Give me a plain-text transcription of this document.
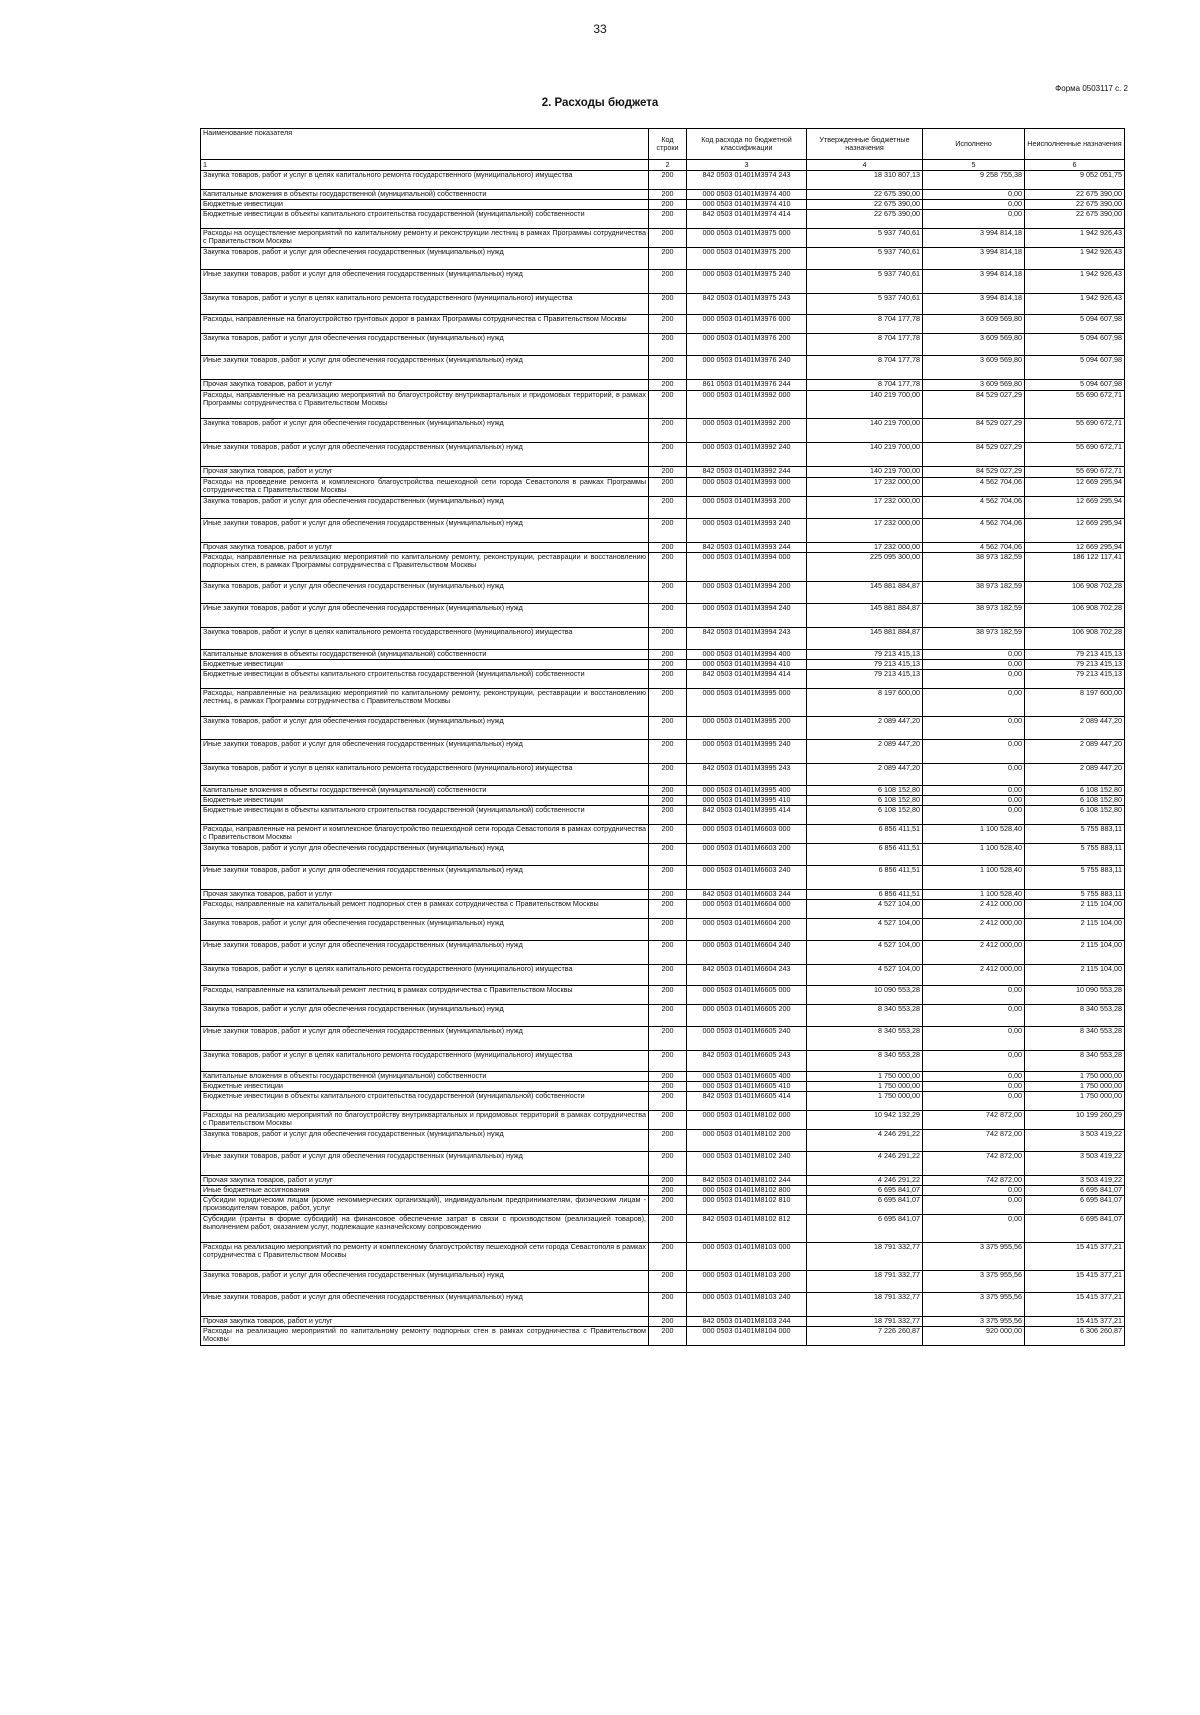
33
Форма 0503117 с. 2
2. Расходы бюджета
Наименование показателя	Код строки	Код расхода по бюджетной классификации	Утвержденные бюджетные назначения	Исполнено	Неисполненные назначения
1	2	3	4	5	6
Закупка товаров, работ и услуг в целях капитального ремонта государственного (муниципального) имущества	200	842 0503 01401M3974 243	18 310 807,13	9 258 755,38	9 052 051,75
Капитальные вложения в объекты государственной (муниципальной) собственности	200	000 0503 01401M3974 400	22 675 390,00	0,00	22 675 390,00
Бюджетные инвестиции	200	000 0503 01401M3974 410	22 675 390,00	0,00	22 675 390,00
Бюджетные инвестиции в объекты капитального строительства государственной (муниципальной) собственности	200	842 0503 01401M3974 414	22 675 390,00	0,00	22 675 390,00
Расходы на осуществление мероприятий по капитальному ремонту и реконструкции лестниц в рамках Программы сотрудничества с Правительством Москвы	200	000 0503 01401M3975 000	5 937 740,61	3 994 814,18	1 942 926,43
Закупка товаров, работ и услуг для обеспечения государственных (муниципальных) нужд	200	000 0503 01401M3975 200	5 937 740,61	3 994 814,18	1 942 926,43
Иные закупки товаров, работ и услуг для обеспечения государственных (муниципальных) нужд	200	000 0503 01401M3975 240	5 937 740,61	3 994 814,18	1 942 926,43
Закупка товаров, работ и услуг в целях капитального ремонта государственного (муниципального) имущества	200	842 0503 01401M3975 243	5 937 740,61	3 994 814,18	1 942 926,43
Расходы, направленные на благоустройство грунтовых дорог в рамках Программы сотрудничества с Правительством Москвы	200	000 0503 01401M3976 000	8 704 177,78	3 609 569,80	5 094 607,98
Закупка товаров, работ и услуг для обеспечения государственных (муниципальных) нужд	200	000 0503 01401M3976 200	8 704 177,78	3 609 569,80	5 094 607,98
Иные закупки товаров, работ и услуг для обеспечения государственных (муниципальных) нужд	200	000 0503 01401M3976 240	8 704 177,78	3 609 569,80	5 094 607,98
Прочая закупка товаров, работ и услуг	200	861 0503 01401M3976 244	8 704 177,78	3 609 569,80	5 094 607,98
Расходы, направленные на реализацию мероприятий по благоустройству внутриквартальных и придомовых территорий, в рамках Программы сотрудничества с Правительством Москвы	200	000 0503 01401M3992 000	140 219 700,00	84 529 027,29	55 690 672,71
Закупка товаров, работ и услуг для обеспечения государственных (муниципальных) нужд	200	000 0503 01401M3992 200	140 219 700,00	84 529 027,29	55 690 672,71
Иные закупки товаров, работ и услуг для обеспечения государственных (муниципальных) нужд	200	000 0503 01401M3992 240	140 219 700,00	84 529 027,29	55 690 672,71
Прочая закупка товаров, работ и услуг	200	842 0503 01401M3992 244	140 219 700,00	84 529 027,29	55 690 672,71
Расходы на проведение ремонта и комплексного благоустройства пешеходной сети города Севастополя в рамках Программы сотрудничества с Правительством Москвы	200	000 0503 01401M3993 000	17 232 000,00	4 562 704,06	12 669 295,94
Закупка товаров, работ и услуг для обеспечения государственных (муниципальных) нужд	200	000 0503 01401M3993 200	17 232 000,00	4 562 704,06	12 669 295,94
Иные закупки товаров, работ и услуг для обеспечения государственных (муниципальных) нужд	200	000 0503 01401M3993 240	17 232 000,00	4 562 704,06	12 669 295,94
Прочая закупка товаров, работ и услуг	200	842 0503 01401M3993 244	17 232 000,00	4 562 704,06	12 669 295,94
Расходы, направленные на реализацию мероприятий по капитальному ремонту, реконструкции, реставрации и восстановлению подпорных стен, в рамках Программы сотрудничества с Правительством Москвы	200	000 0503 01401M3994 000	225 095 300,00	38 973 182,59	186 122 117,41
Закупка товаров, работ и услуг для обеспечения государственных (муниципальных) нужд	200	000 0503 01401M3994 200	145 881 884,87	38 973 182,59	106 908 702,28
Иные закупки товаров, работ и услуг для обеспечения государственных (муниципальных) нужд	200	000 0503 01401M3994 240	145 881 884,87	38 973 182,59	106 908 702,28
Закупка товаров, работ и услуг в целях капитального ремонта государственного (муниципального) имущества	200	842 0503 01401M3994 243	145 881 884,87	38 973 182,59	106 908 702,28
Капитальные вложения в объекты государственной (муниципальной) собственности	200	000 0503 01401M3994 400	79 213 415,13	0,00	79 213 415,13
Бюджетные инвестиции	200	000 0503 01401M3994 410	79 213 415,13	0,00	79 213 415,13
Бюджетные инвестиции в объекты капитального строительства государственной (муниципальной) собственности	200	842 0503 01401M3994 414	79 213 415,13	0,00	79 213 415,13
Расходы, направленные на реализацию мероприятий по капитальному ремонту, реконструкции, реставрации и восстановлению лестниц, в рамках Программы сотрудничества с Правительством Москвы	200	000 0503 01401M3995 000	8 197 600,00	0,00	8 197 600,00
Закупка товаров, работ и услуг для обеспечения государственных (муниципальных) нужд	200	000 0503 01401M3995 200	2 089 447,20	0,00	2 089 447,20
Иные закупки товаров, работ и услуг для обеспечения государственных (муниципальных) нужд	200	000 0503 01401M3995 240	2 089 447,20	0,00	2 089 447,20
Закупка товаров, работ и услуг в целях капитального ремонта государственного (муниципального) имущества	200	842 0503 01401M3995 243	2 089 447,20	0,00	2 089 447,20
Капитальные вложения в объекты государственной (муниципальной) собственности	200	000 0503 01401M3995 400	6 108 152,80	0,00	6 108 152,80
Бюджетные инвестиции	200	000 0503 01401M3995 410	6 108 152,80	0,00	6 108 152,80
Бюджетные инвестиции в объекты капитального строительства государственной (муниципальной) собственности	200	842 0503 01401M3995 414	6 108 152,80	0,00	6 108 152,80
Расходы, направленные на ремонт и комплексное благоустройство пешеходной сети города Севастополя в рамках сотрудничества с Правительством Москвы	200	000 0503 01401M6603 000	6 856 411,51	1 100 528,40	5 755 883,11
Закупка товаров, работ и услуг для обеспечения государственных (муниципальных) нужд	200	000 0503 01401M6603 200	6 856 411,51	1 100 528,40	5 755 883,11
Иные закупки товаров, работ и услуг для обеспечения государственных (муниципальных) нужд	200	000 0503 01401M6603 240	6 856 411,51	1 100 528,40	5 755 883,11
Прочая закупка товаров, работ и услуг	200	842 0503 01401M6603 244	6 856 411,51	1 100 528,40	5 755 883,11
Расходы, направленные на капитальный ремонт подпорных стен в рамках сотрудничества с Правительством Москвы	200	000 0503 01401M6604 000	4 527 104,00	2 412 000,00	2 115 104,00
Закупка товаров, работ и услуг для обеспечения государственных (муниципальных) нужд	200	000 0503 01401M6604 200	4 527 104,00	2 412 000,00	2 115 104,00
Иные закупки товаров, работ и услуг для обеспечения государственных (муниципальных) нужд	200	000 0503 01401M6604 240	4 527 104,00	2 412 000,00	2 115 104,00
Закупка товаров, работ и услуг в целях капитального ремонта государственного (муниципального) имущества	200	842 0503 01401M6604 243	4 527 104,00	2 412 000,00	2 115 104,00
Расходы, направленные на капитальный ремонт лестниц в рамках сотрудничества с Правительством Москвы	200	000 0503 01401M6605 000	10 090 553,28	0,00	10 090 553,28
Закупка товаров, работ и услуг для обеспечения государственных (муниципальных) нужд	200	000 0503 01401M6605 200	8 340 553,28	0,00	8 340 553,28
Иные закупки товаров, работ и услуг для обеспечения государственных (муниципальных) нужд	200	000 0503 01401M6605 240	8 340 553,28	0,00	8 340 553,28
Закупка товаров, работ и услуг в целях капитального ремонта государственного (муниципального) имущества	200	842 0503 01401M6605 243	8 340 553,28	0,00	8 340 553,28
Капитальные вложения в объекты государственной (муниципальной) собственности	200	000 0503 01401M6605 400	1 750 000,00	0,00	1 750 000,00
Бюджетные инвестиции	200	000 0503 01401M6605 410	1 750 000,00	0,00	1 750 000,00
Бюджетные инвестиции в объекты капитального строительства государственной (муниципальной) собственности	200	842 0503 01401M6605 414	1 750 000,00	0,00	1 750 000,00
Расходы на реализацию мероприятий по благоустройству внутриквартальных и придомовых территорий в рамках сотрудничества с Правительством Москвы	200	000 0503 01401M8102 000	10 942 132,29	742 872,00	10 199 260,29
Закупка товаров, работ и услуг для обеспечения государственных (муниципальных) нужд	200	000 0503 01401M8102 200	4 246 291,22	742 872,00	3 503 419,22
Иные закупки товаров, работ и услуг для обеспечения государственных (муниципальных) нужд	200	000 0503 01401M8102 240	4 246 291,22	742 872,00	3 503 419,22
Прочая закупка товаров, работ и услуг	200	842 0503 01401M8102 244	4 246 291,22	742 872,00	3 503 419,22
Иные бюджетные ассигнования	200	000 0503 01401M8102 800	6 695 841,07	0,00	6 695 841,07
Субсидии юридическим лицам (кроме некоммерческих организаций), индивидуальным предпринимателям, физическим лицам - производителям товаров, работ, услуг	200	000 0503 01401M8102 810	6 695 841,07	0,00	6 695 841,07
Субсидии (гранты в форме субсидий) на финансовое обеспечение затрат в связи с производством (реализацией товаров), выполнением работ, оказанием услуг, подлежащие казначейскому сопровождению	200	842 0503 01401M8102 812	6 695 841,07	0,00	6 695 841,07
Расходы на реализацию мероприятий по ремонту и комплексному благоустройству пешеходной сети города Севастополя в рамках сотрудничества с Правительством Москвы	200	000 0503 01401M8103 000	18 791 332,77	3 375 955,56	15 415 377,21
Закупка товаров, работ и услуг для обеспечения государственных (муниципальных) нужд	200	000 0503 01401M8103 200	18 791 332,77	3 375 955,56	15 415 377,21
Иные закупки товаров, работ и услуг для обеспечения государственных (муниципальных) нужд	200	000 0503 01401M8103 240	18 791 332,77	3 375 955,56	15 415 377,21
Прочая закупка товаров, работ и услуг	200	842 0503 01401M8103 244	18 791 332,77	3 375 955,56	15 415 377,21
Расходы на реализацию мероприятий по капитальному ремонту подпорных стен в рамках сотрудничества с Правительством Москвы	200	000 0503 01401M8104 000	7 226 260,87	920 000,00	6 306 260,87
